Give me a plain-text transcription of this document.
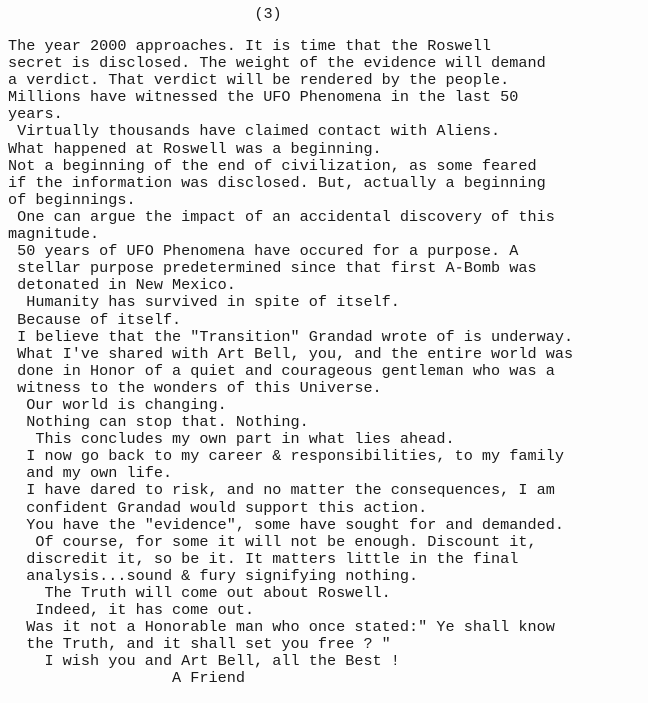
(3)
The year 2000 approaches. It is time that the Roswell
secret is disclosed. The weight of the evidence will demand
a verdict. That verdict will be rendered by the people.
Millions have witnessed the UFO Phenomena in the last 50
years.
Virtually thousands have claimed contact with Aliens.
What happened at Roswell was a beginning.
Not a beginning of the end of civilization, as some feared
if the information was disclosed. But, actually a beginning
of beginnings.
One can argue the impact of an accidental discovery of this
magnitude.
50 years of UFO Phenomena have occured for a purpose. A
stellar purpose predetermined since that first A-Bomb was
detonated in New Mexico.
Humanity has survived in spite of itself.
Because of itself.
I believe that the "Transition" Grandad wrote of is underway.
What I've shared with Art Bell, you, and the entire world was
done in Honor of a quiet and courageous gentleman who was a
witness to the wonders of this Universe.
Our world is changing.
Nothing can stop that. Nothing.
This concludes my own part in what lies ahead.
I now go back to my career & responsibilities, to my family
and my own life.
I have dared to risk, and no matter the consequences, I am
confident Grandad would support this action.
You have the "evidence", some have sought for and demanded.
Of course, for some it will not be enough. Discount it,
discredit it, so be it. It matters little in the final
analysis...sound & fury signifying nothing.
The Truth will come out about Roswell.
Indeed, it has come out.
Was it not a Honorable man who once stated:" Ye shall know
the Truth, and it shall set you free ? "
I wish you and Art Bell, all the Best !
A Friend
